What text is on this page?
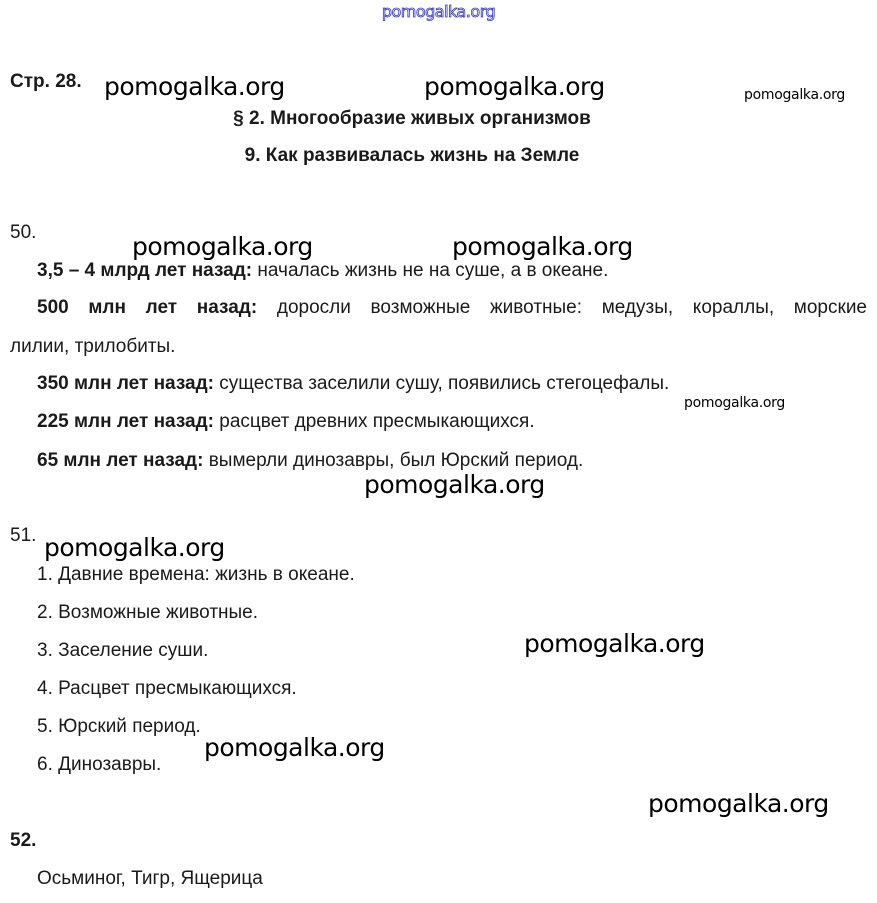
pomogalka.org
Стр. 28. pomogalka.org	pomogalka.org	pomogalka.org
§ 2. Многообразие живых организмов
9. Как развивалась жизнь на Земле
50.	pomogalka.org	pomogalka.org
3,5 – 4 млрд лет назад: началась жизнь не на суше, а в океане.
500 млн лет назад: доросли возможные животные: медузы, кораллы, морские
лилии, трилобиты.
350 млн лет назад: существа заселили сушу, появились стегоцефалы.
pomogalka.org
225 млн лет назад: расцвет древних пресмыкающихся.
65 млн лет назад: вымерли динозавры, был Юрский период.
pomogalka.org
51. pomogalka.org
1. Давние времена: жизнь в океане.
2. Возможные животные.
pomogalka.org
3. Заселение суши.
4. Расцвет пресмыкающихся.
5. Юрский период.
pomogalka.org
6. Динозавры.
pomogalka.org
52.
Осьминог, Тигр, Ящерица
